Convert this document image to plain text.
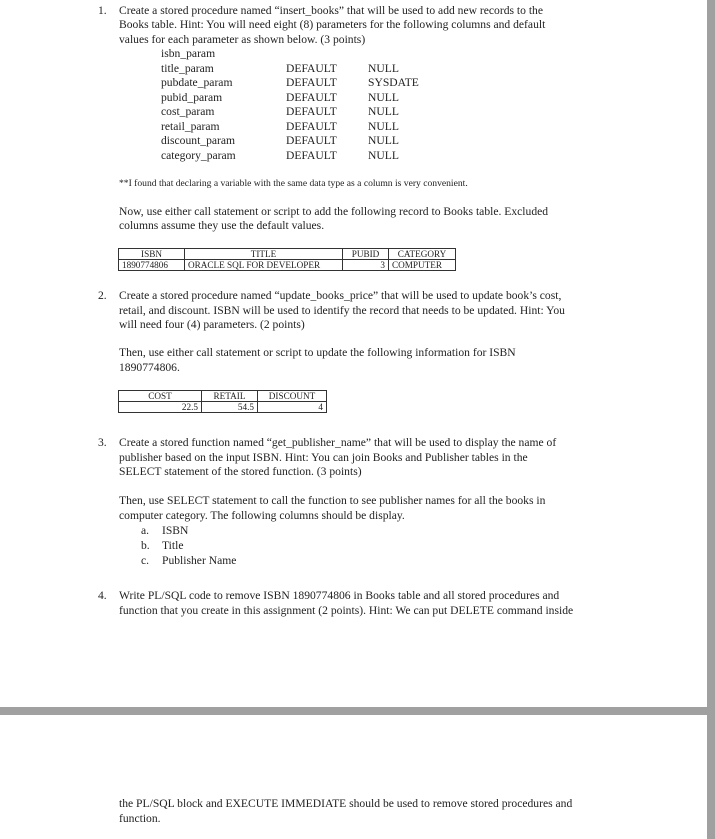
1. Create a stored procedure named “insert_books” that will be used to add new records to the
Books table. Hint: You will need eight (8) parameters for the following columns and default
values for each parameter as shown below. (3 points)
isbn_param
title_param	DEFAULT	NULL
pubdate_param	DEFAULT	SYSDATE
pubid_param	DEFAULT	NULL
cost_param	DEFAULT	NULL
retail_param	DEFAULT	NULL
discount_param	DEFAULT	NULL
category_param	DEFAULT	NULL
**I found that declaring a variable with the same data type as a column is very convenient.
Now, use either call statement or script to add the following record to Books table. Excluded
columns assume they use the default values.
ISBN	TITLE	PUBID	CATEGORY
1890774806	ORACLE SQL FOR DEVELOPER	3	COMPUTER
2. Create a stored procedure named “update_books_price” that will be used to update book’s cost,
retail, and discount. ISBN will be used to identify the record that needs to be updated. Hint: You
will need four (4) parameters. (2 points)
Then, use either call statement or script to update the following information for ISBN
1890774806.
COST	RETAIL	DISCOUNT
22.5	54.5	4
3. Create a stored function named “get_publisher_name” that will be used to display the name of
publisher based on the input ISBN. Hint: You can join Books and Publisher tables in the
SELECT statement of the stored function. (3 points)
Then, use SELECT statement to call the function to see publisher names for all the books in
computer category. The following columns should be display.
a. ISBN
b. Title
c. Publisher Name
4. Write PL/SQL code to remove ISBN 1890774806 in Books table and all stored procedures and
function that you create in this assignment (2 points). Hint: We can put DELETE command inside
the PL/SQL block and EXECUTE IMMEDIATE should be used to remove stored procedures and
function.
